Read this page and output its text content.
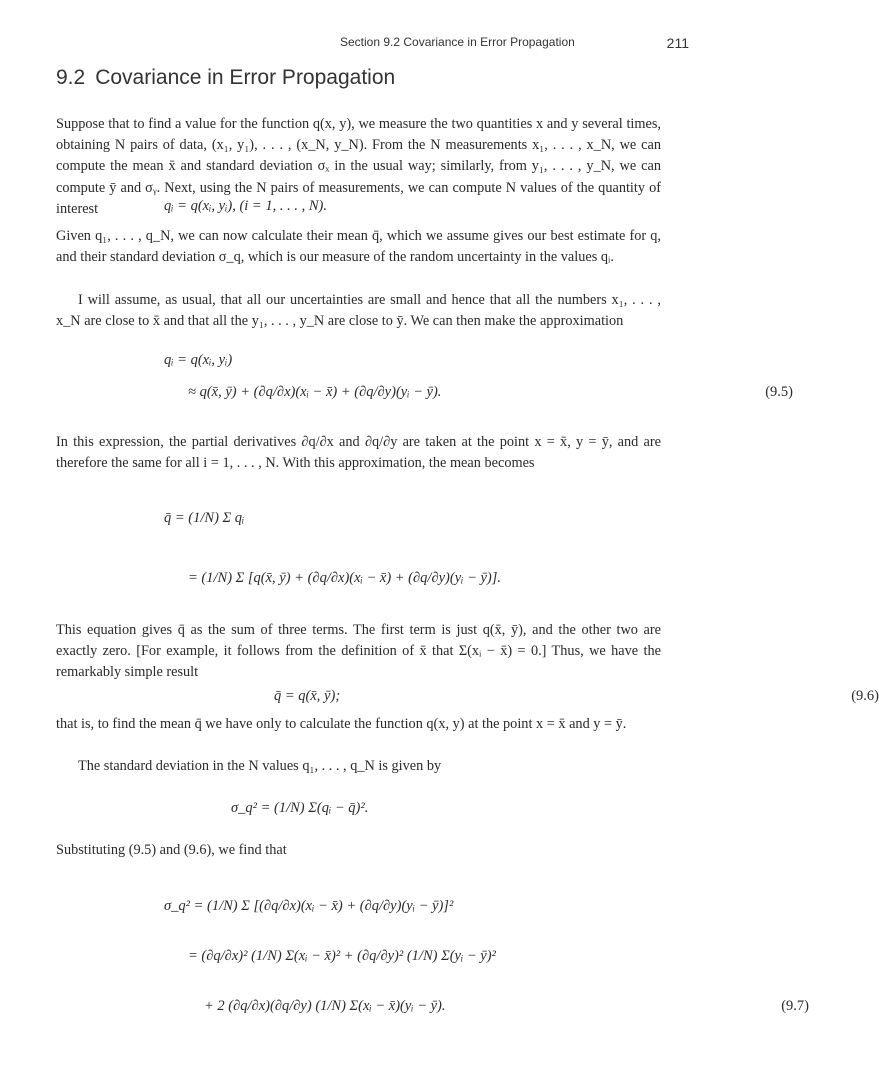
Section 9.2 Covariance in Error Propagation	211
9.2 Covariance in Error Propagation

Suppose that to find a value for the function q(x, y), we measure the two quantities x and y several times, obtaining N pairs of data, (x₁, y₁), . . . , (x_N, y_N). From the N measurements x₁, . . . , x_N, we can compute the mean x̄ and standard deviation σₓ in the usual way; similarly, from y₁, . . . , y_N, we can compute ȳ and σᵧ. Next, using the N pairs of measurements, we can compute N values of the quantity of interest	qᵢ = q(xᵢ, yᵢ), (i = 1, . . . , N).

Given q₁, . . . , q_N, we can now calculate their mean q̄, which we assume gives our best estimate for q, and their standard deviation σ_q, which is our measure of the random uncertainty in the values qᵢ.

I will assume, as usual, that all our uncertainties are small and hence that all the numbers x₁, . . . , x_N are close to x̄ and that all the y₁, . . . , y_N are close to ȳ. We can then make the approximation

qᵢ = q(xᵢ, yᵢ)
≈ q(x̄, ȳ) + (∂q/∂x)(xᵢ − x̄) + (∂q/∂y)(yᵢ − ȳ).	(9.5)

In this expression, the partial derivatives ∂q/∂x and ∂q/∂y are taken at the point x = x̄, y = ȳ, and are therefore the same for all i = 1, . . . , N. With this approximation, the mean becomes

q̄ = (1/N) Σ qᵢ
= (1/N) Σ [q(x̄, ȳ) + (∂q/∂x)(xᵢ − x̄) + (∂q/∂y)(yᵢ − ȳ)].

This equation gives q̄ as the sum of three terms. The first term is just q(x̄, ȳ), and the other two are exactly zero. [For example, it follows from the definition of x̄ that Σ(xᵢ − x̄) = 0.] Thus, we have the remarkably simple result

q̄ = q(x̄, ȳ);	(9.6)

that is, to find the mean q̄ we have only to calculate the function q(x, y) at the point x = x̄ and y = ȳ.

The standard deviation in the N values q₁, . . . , q_N is given by

σ_q² = (1/N) Σ(qᵢ − q̄)².

Substituting (9.5) and (9.6), we find that

σ_q² = (1/N) Σ [(∂q/∂x)(xᵢ − x̄) + (∂q/∂y)(yᵢ − ȳ)]²
= (∂q/∂x)² (1/N) Σ(xᵢ − x̄)² + (∂q/∂y)² (1/N) Σ(yᵢ − ȳ)²
+ 2 (∂q/∂x)(∂q/∂y) (1/N) Σ(xᵢ − x̄)(yᵢ − ȳ).	(9.7)
